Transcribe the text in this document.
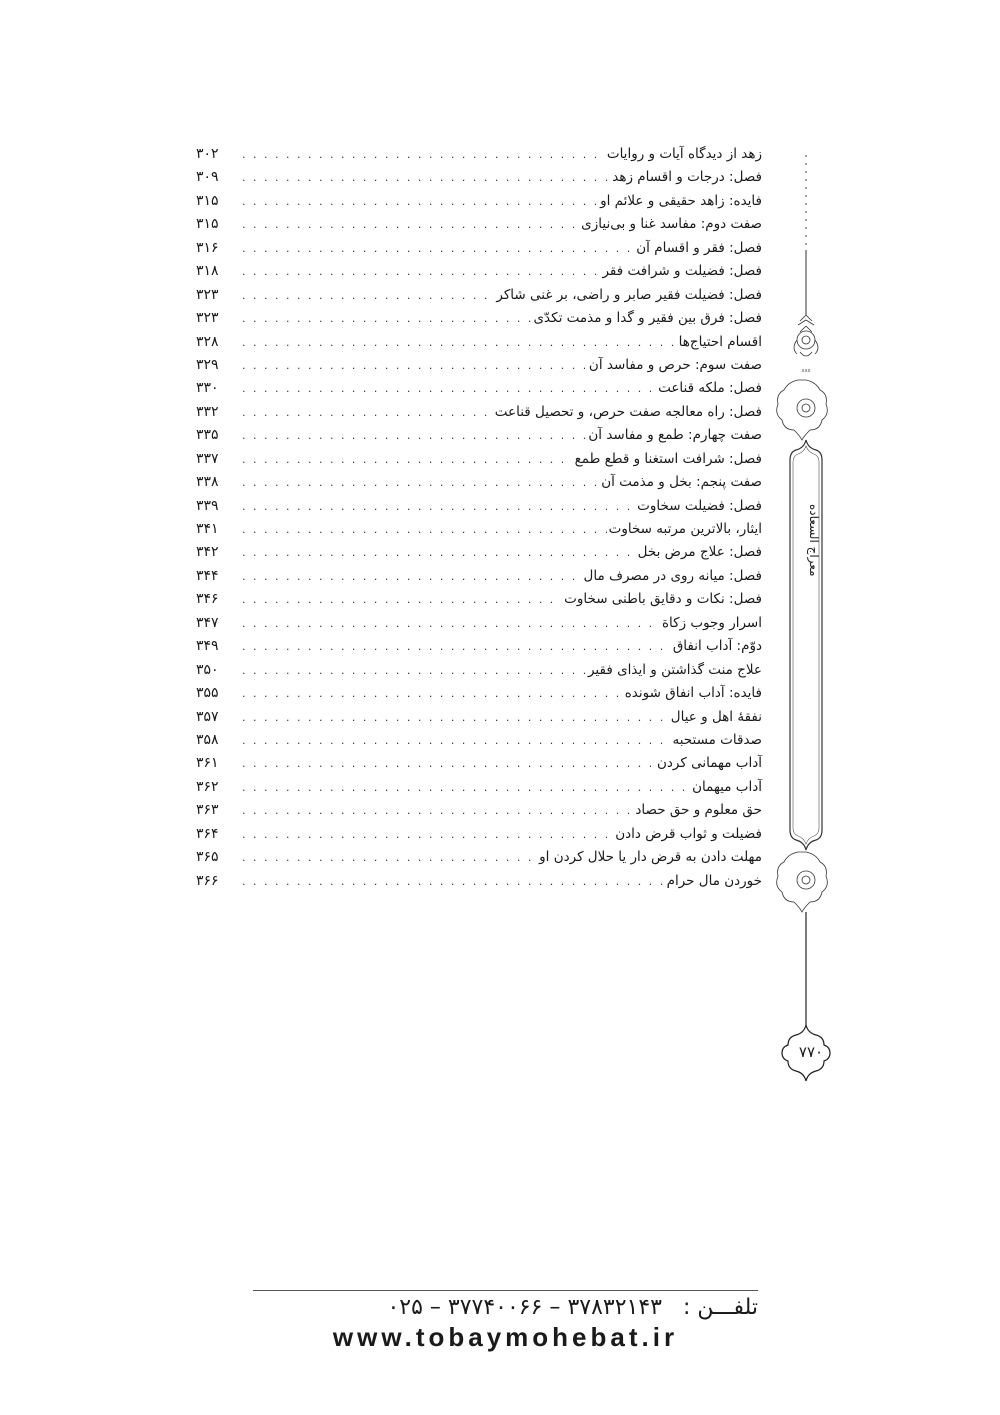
زهد از دیدگاه آیات و روایات
. . .
۳۰۲
فصل: درجات و اقسام زهد
. . .
۳۰۹
فایده: زاهد حقیقی و علائم او
. . .
۳۱۵
صفت دوم: مفاسد غنا و بی‌نیازی
. . .
۳۱۵
فصل: فقر و اقسام آن
. . .
۳۱۶
فصل: فضیلت و شرافت فقر
. . .
۳۱۸
فصل: فضیلت فقیر صابر و راضی، بر غنی شاکر
. . .
۳۲۳
فصل: فرق بین فقیر و گدا و مذمت تکدّی
. . .
۳۲۳
اقسام احتیاج‌ها
. . .
۳۲۸
صفت سوم: حرص و مفاسد آن
. . .
۳۲۹
فصل: ملکه قناعت
. . .
۳۳۰
فصل: راه معالجه صفت حرص، و تحصیل قناعت
. . .
۳۳۲
صفت چهارم: طمع و مفاسد آن
. . .
۳۳۵
فصل: شرافت استغنا و قطع طمع
. . .
۳۳۷
صفت پنجم: بخل و مذمت آن
. . .
۳۳۸
فصل: فضیلت سخاوت
. . .
۳۳۹
ایثار، بالاترین مرتبه سخاوت
. . .
۳۴۱
فصل: علاج مرض بخل
. . .
۳۴۲
فصل: میانه روی در مصرف مال
. . .
۳۴۴
فصل: نکات و دقایق باطنی سخاوت
. . .
۳۴۶
اسرار وجوب زکاة
. . .
۳۴۷
دوّم: آداب انفاق
. . .
۳۴۹
علاج منت گذاشتن و ایذای فقیر
. . .
۳۵۰
فایده: آداب انفاق شونده
. . .
۳۵۵
نفقهٔ اهل و عیال
. . .
۳۵۷
صدقات مستحبه
. . .
۳۵۸
آداب مهمانی کردن
. . .
۳۶۱
آداب میهمان
. . .
۳۶۲
حق معلوم و حق حصاد
. . .
۳۶۳
فضیلت و ثواب قرض دادن
. . .
۳۶۴
مهلت دادن به قرض دار یا حلال کردن او
. . .
۳۶۵
خوردن مال حرام
. . .
۳۶۶
xxx
معراج السعاده
۷۷۰
تلفـــن : ۳۷۸۳۲۱۴۳ – ۳۷۷۴۰۰۶۶ – ۰۲۵
www.tobaymohebat.ir
